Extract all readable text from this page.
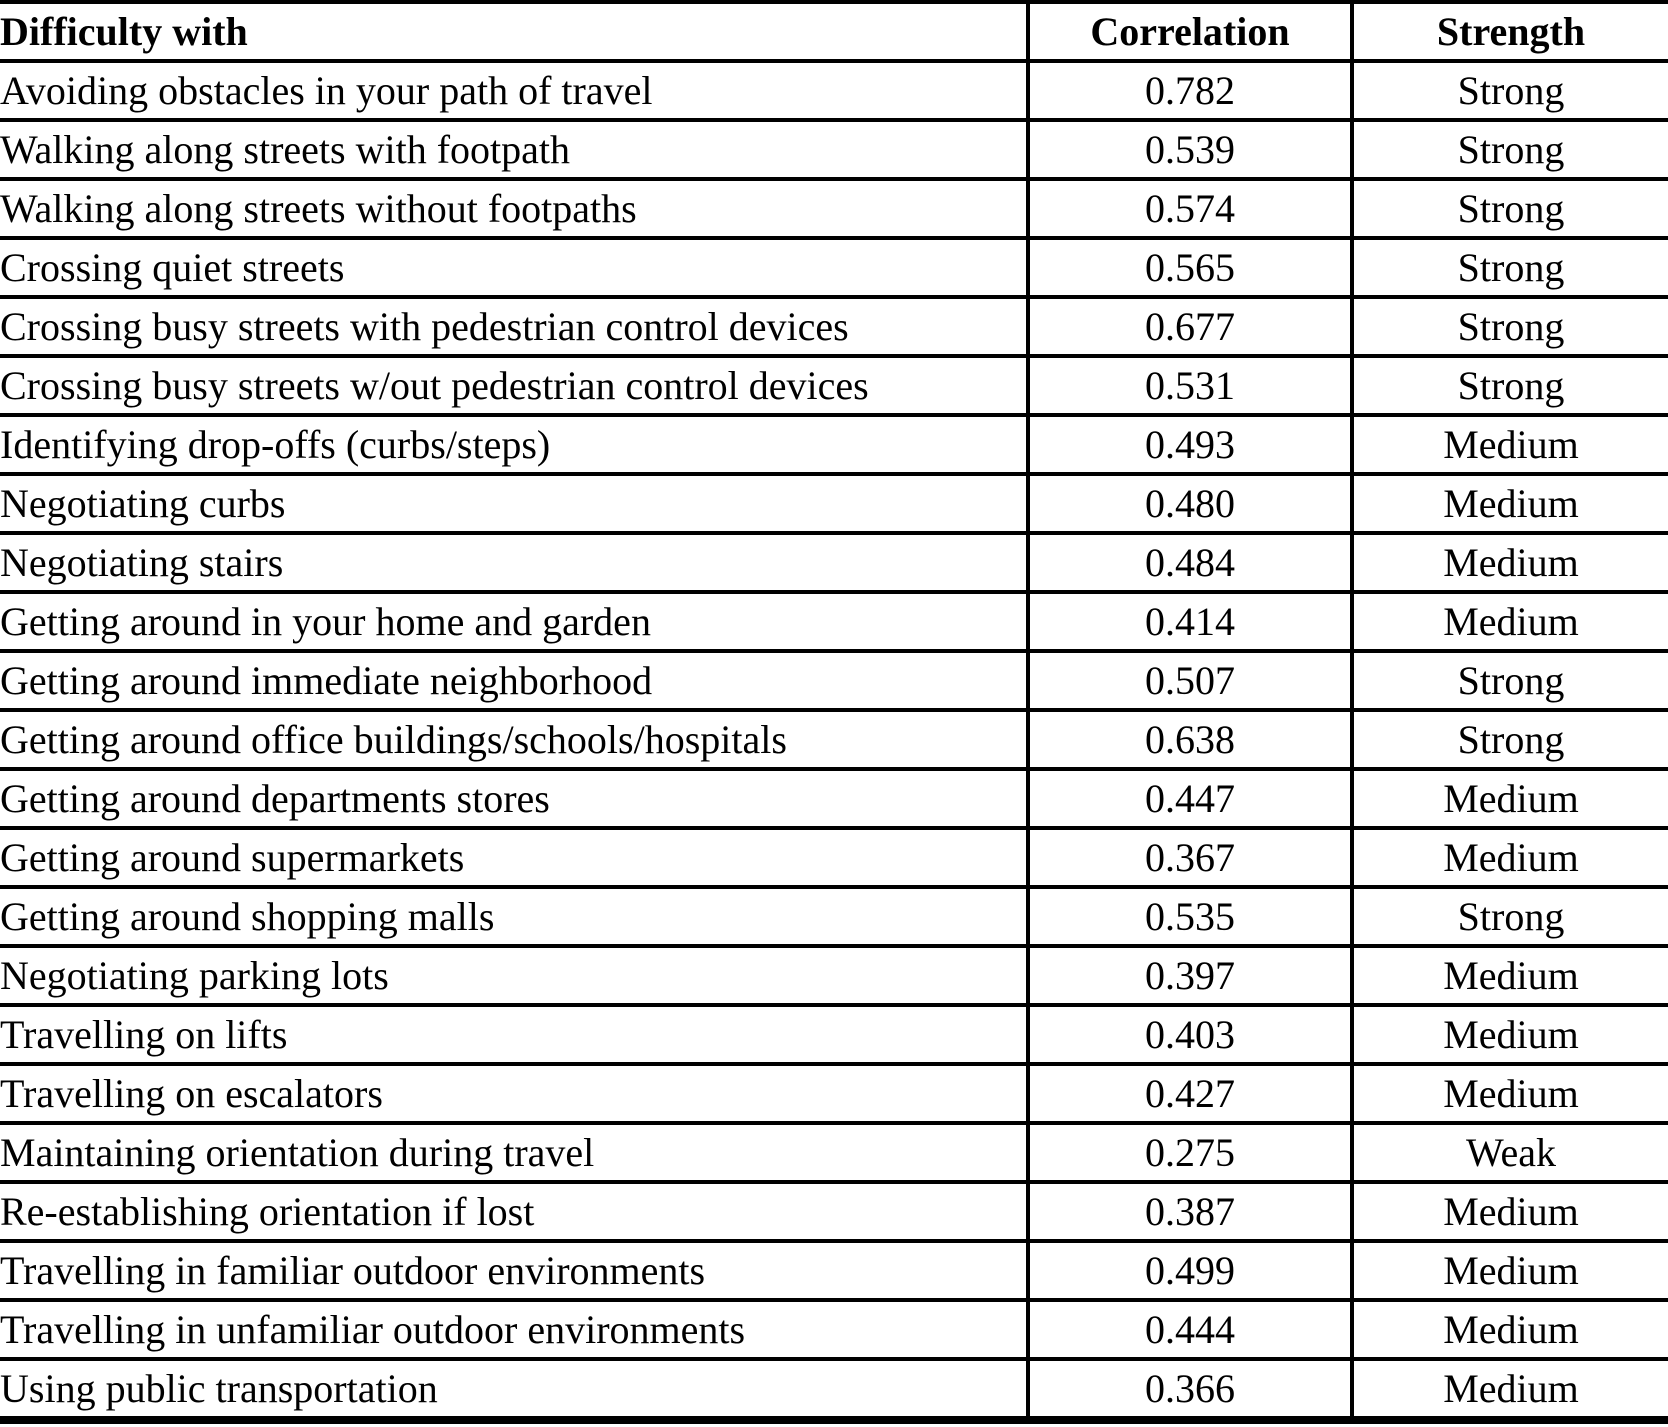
Difficulty with	Correlation	Strength
Avoiding obstacles in your path of travel	0.782	Strong
Walking along streets with footpath	0.539	Strong
Walking along streets without footpaths	0.574	Strong
Crossing quiet streets	0.565	Strong
Crossing busy streets with pedestrian control devices	0.677	Strong
Crossing busy streets w/out pedestrian control devices	0.531	Strong
Identifying drop-offs (curbs/steps)	0.493	Medium
Negotiating curbs	0.480	Medium
Negotiating stairs	0.484	Medium
Getting around in your home and garden	0.414	Medium
Getting around immediate neighborhood	0.507	Strong
Getting around office buildings/schools/hospitals	0.638	Strong
Getting around departments stores	0.447	Medium
Getting around supermarkets	0.367	Medium
Getting around shopping malls	0.535	Strong
Negotiating parking lots	0.397	Medium
Travelling on lifts	0.403	Medium
Travelling on escalators	0.427	Medium
Maintaining orientation during travel	0.275	Weak
Re-establishing orientation if lost	0.387	Medium
Travelling in familiar outdoor environments	0.499	Medium
Travelling in unfamiliar outdoor environments	0.444	Medium
Using public transportation	0.366	Medium
